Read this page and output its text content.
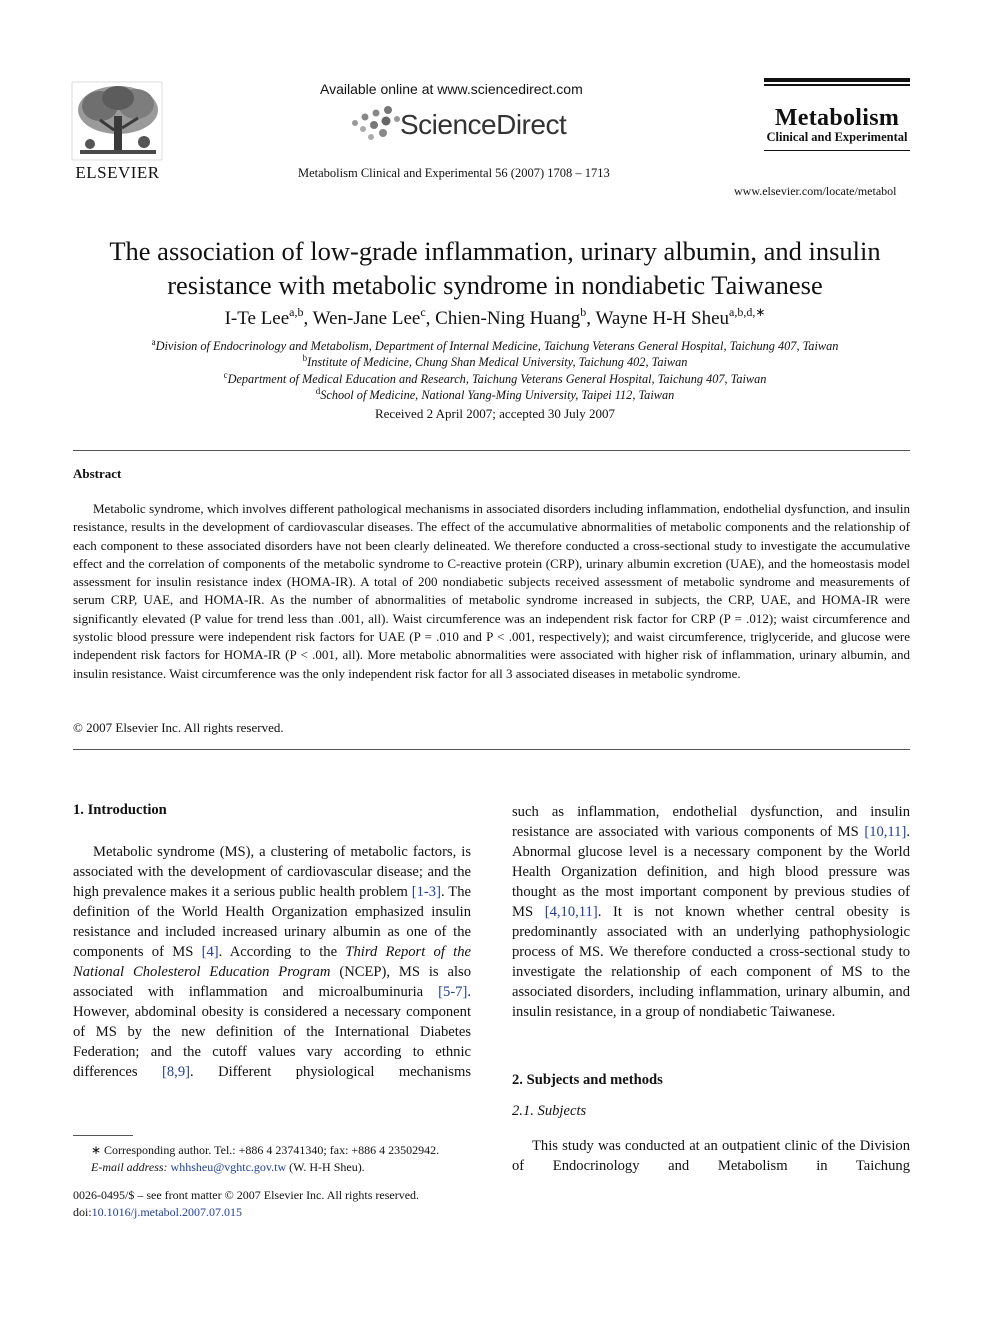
ELSEVIER
Available online at www.sciencedirect.com
ScienceDirect
Metabolism Clinical and Experimental 56 (2007) 1708 – 1713
Metabolism
Clinical and Experimental
www.elsevier.com/locate/metabol
The association of low-grade inflammation, urinary albumin, and insulin
resistance with metabolic syndrome in nondiabetic Taiwanese
I-Te Lee$^{a,b}$, Wen-Jane Lee$^c$, Chien-Ning Huang$^b$, Wayne H-H Sheu$^{a,b,d,∗}$
$^a$Division of Endocrinology and Metabolism, Department of Internal Medicine, Taichung Veterans General Hospital, Taichung 407, Taiwan
$^b$Institute of Medicine, Chung Shan Medical University, Taichung 402, Taiwan
$^c$Department of Medical Education and Research, Taichung Veterans General Hospital, Taichung 407, Taiwan
$^d$School of Medicine, National Yang-Ming University, Taipei 112, Taiwan
Received 2 April 2007; accepted 30 July 2007
Abstract
Metabolic syndrome, which involves different pathological mechanisms in associated disorders including inflammation, endothelial dysfunction, and insulin resistance, results in the development of cardiovascular diseases. The effect of the accumulative abnormalities of metabolic components and the relationship of each component to these associated disorders have not been clearly delineated. We therefore conducted a cross-sectional study to investigate the accumulative effect and the correlation of components of the metabolic syndrome to C-reactive protein (CRP), urinary albumin excretion (UAE), and the homeostasis model assessment for insulin resistance index (HOMA-IR). A total of 200 nondiabetic subjects received assessment of metabolic syndrome and measurements of serum CRP, UAE, and HOMA-IR. As the number of abnormalities of metabolic syndrome increased in subjects, the CRP, UAE, and HOMA-IR were significantly elevated (P value for trend less than .001, all). Waist circumference was an independent risk factor for CRP (P = .012); waist circumference and systolic blood pressure were independent risk factors for UAE (P = .010 and P < .001, respectively); and waist circumference, triglyceride, and glucose were independent risk factors for HOMA-IR (P < .001, all). More metabolic abnormalities were associated with higher risk of inflammation, urinary albumin, and insulin resistance. Waist circumference was the only independent risk factor for all 3 associated diseases in metabolic syndrome.
© 2007 Elsevier Inc. All rights reserved.
1. Introduction

Metabolic syndrome (MS), a clustering of metabolic factors, is associated with the development of cardiovascular disease; and the high prevalence makes it a serious public health problem [1-3]. The definition of the World Health Organization emphasized insulin resistance and included increased urinary albumin as one of the components of MS [4]. According to the Third Report of the National Cholesterol Education Program (NCEP), MS is also associated with inflammation and microalbuminuria [5-7]. However, abdominal obesity is considered a necessary component of MS by the new definition of the International Diabetes Federation; and the cutoff values vary according to ethnic differences [8,9]. Different physiological mechanisms

∗ Corresponding author. Tel.: +886 4 23741340; fax: +886 4 23502942.
E-mail address: whhsheu@vghtc.gov.tw (W. H-H Sheu).
0026-0495/$ – see front matter © 2007 Elsevier Inc. All rights reserved.
doi:10.1016/j.metabol.2007.07.015

such as inflammation, endothelial dysfunction, and insulin resistance are associated with various components of MS [10,11]. Abnormal glucose level is a necessary component by the World Health Organization definition, and high blood pressure was thought as the most important component by previous studies of MS [4,10,11]. It is not known whether central obesity is predominantly associated with an underlying pathophysiologic process of MS. We therefore conducted a cross-sectional study to investigate the relationship of each component of MS to the associated disorders, including inflammation, urinary albumin, and insulin resistance, in a group of nondiabetic Taiwanese.

2. Subjects and methods
2.1. Subjects

This study was conducted at an outpatient clinic of the Division of Endocrinology and Metabolism in Taichung
